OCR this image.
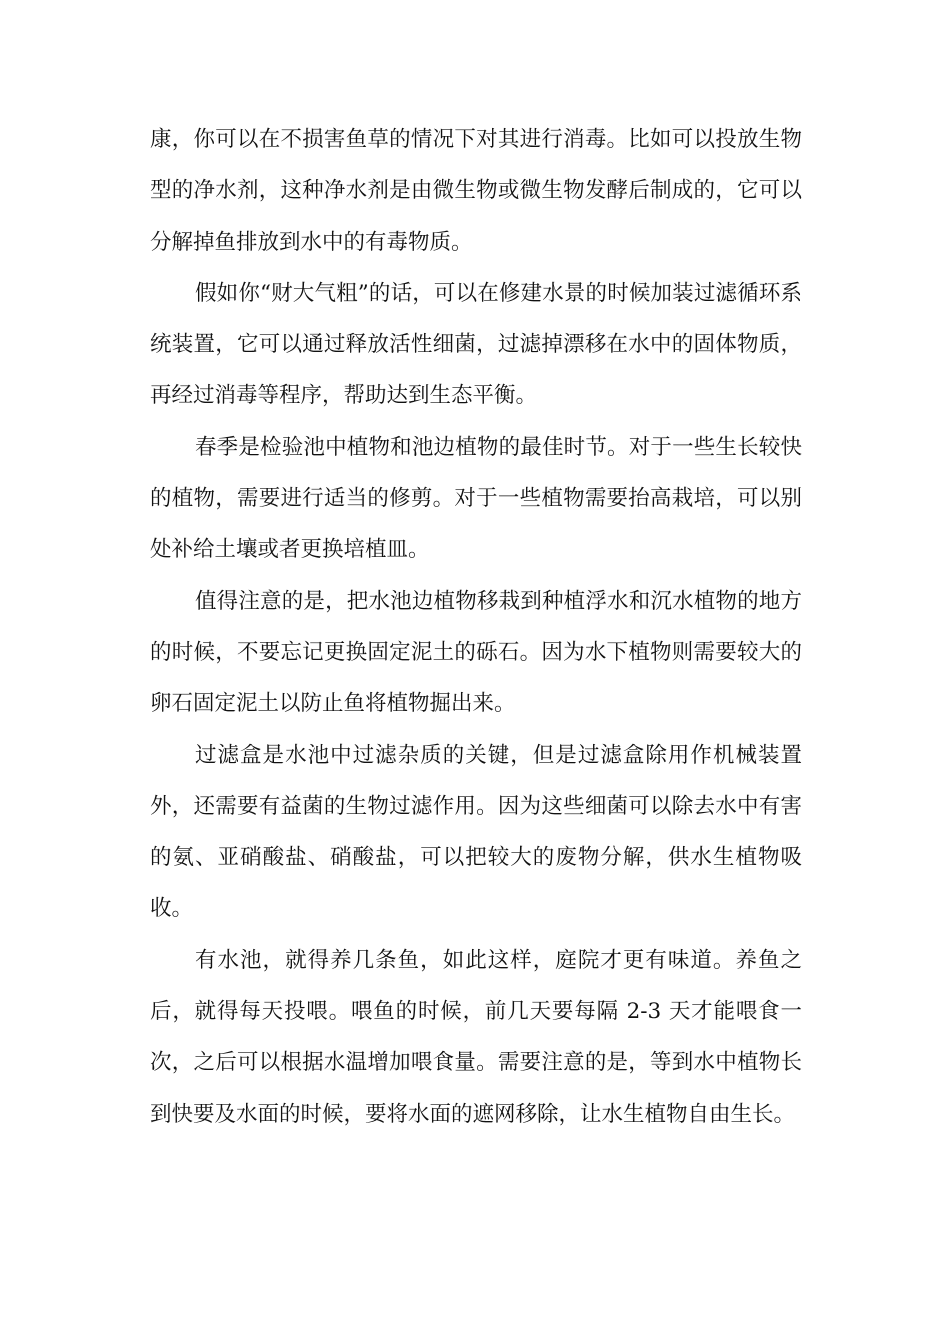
康，你可以在不损害鱼草的情况下对其进行消毒。比如可以投放生物型的净水剂，这种净水剂是由微生物或微生物发酵后制成的，它可以分解掉鱼排放到水中的有毒物质。

假如你“财大气粗”的话，可以在修建水景的时候加装过滤循环系统装置，它可以通过释放活性细菌，过滤掉漂移在水中的固体物质，再经过消毒等程序，帮助达到生态平衡。

春季是检验池中植物和池边植物的最佳时节。对于一些生长较快的植物，需要进行适当的修剪。对于一些植物需要抬高栽培，可以别处补给土壤或者更换培植皿。

值得注意的是，把水池边植物移栽到种植浮水和沉水植物的地方的时候，不要忘记更换固定泥土的砾石。因为水下植物则需要较大的卵石固定泥土以防止鱼将植物掘出来。

过滤盒是水池中过滤杂质的关键，但是过滤盒除用作机械装置外，还需要有益菌的生物过滤作用。因为这些细菌可以除去水中有害的氨、亚硝酸盐、硝酸盐，可以把较大的废物分解，供水生植物吸收。

有水池，就得养几条鱼，如此这样，庭院才更有味道。养鱼之后，就得每天投喂。喂鱼的时候，前几天要每隔 2-3 天才能喂食一次，之后可以根据水温增加喂食量。需要注意的是，等到水中植物长到快要及水面的时候，要将水面的遮网移除，让水生植物自由生长。
